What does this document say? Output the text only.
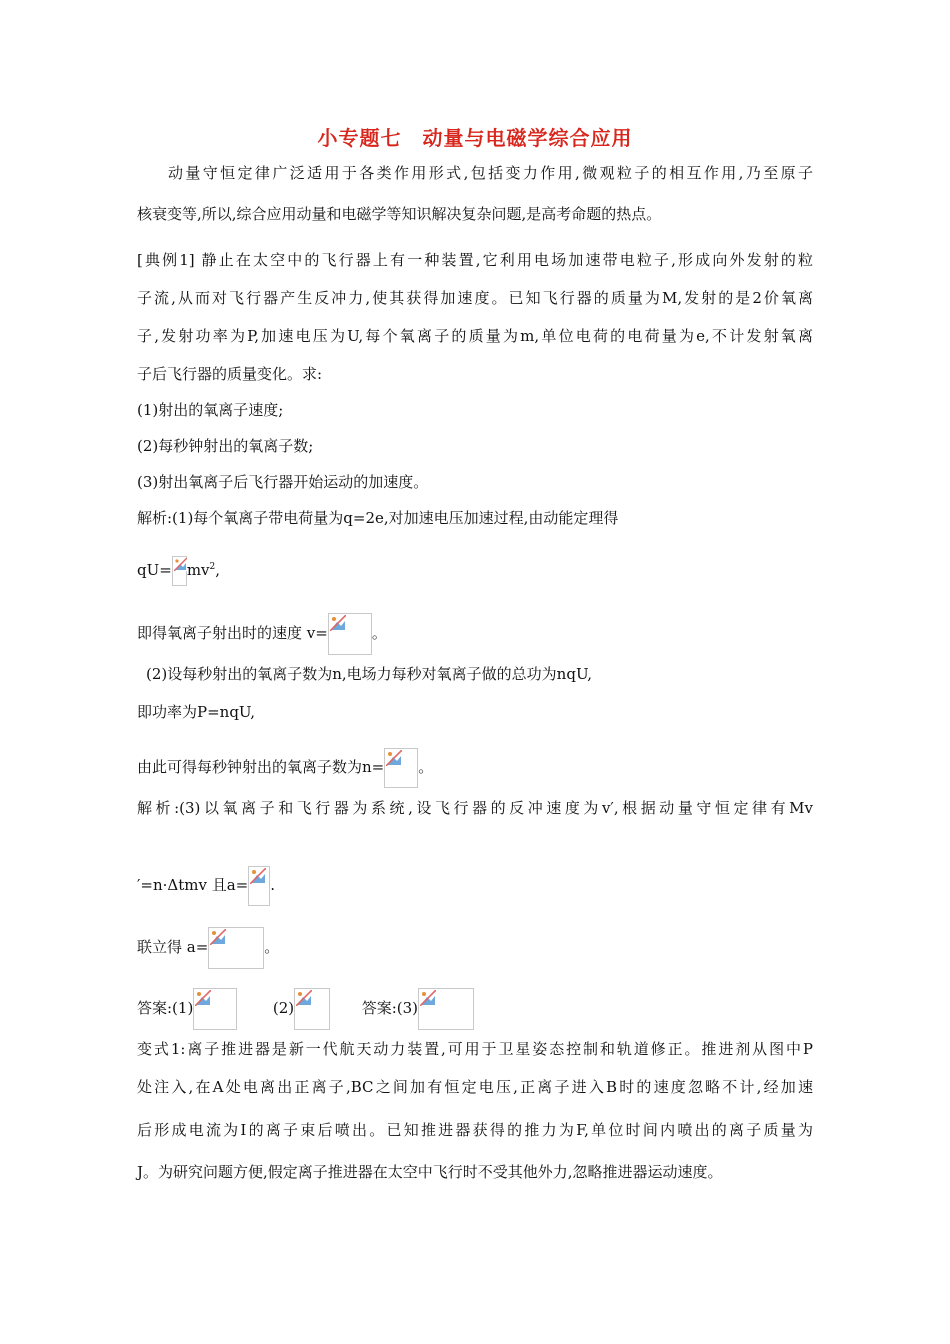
小专题七　动量与电磁学综合应用
动量守恒定律广泛适用于各类作用形式,包括变力作用,微观粒子的相互作用,乃至原子
核衰变等,所以,综合应用动量和电磁学等知识解决复杂问题,是高考命题的热点。
[典例1] 静止在太空中的飞行器上有一种装置,它利用电场加速带电粒子,形成向外发射的粒
子流,从而对飞行器产生反冲力,使其获得加速度。已知飞行器的质量为M,发射的是2价氧离
子,发射功率为P,加速电压为U,每个氧离子的质量为m,单位电荷的电荷量为e,不计发射氧离
子后飞行器的质量变化。求:
(1)射出的氧离子速度;
(2)每秒钟射出的氧离子数;
(3)射出氧离子后飞行器开始运动的加速度。
解析:(1)每个氧离子带电荷量为q=2e,对加速电压加速过程,由动能定理得
$qU= mv^2$,
即得氧离子射出时的速度 v=	。
(2)设每秒射出的氧离子数为n,电场力每秒对氧离子做的总功为nqU,
即功率为P=nqU,
由此可得每秒钟射出的氧离子数为n= 。
解析:(3)以氧离子和飞行器为系统,设飞行器的反冲速度为v′,根据动量守恒定律有Mv
′=n·Δtmv 且a= .
联立得 a=	。
答案:(1)	(2)	答案:(3)
变式1:离子推进器是新一代航天动力装置,可用于卫星姿态控制和轨道修正。推进剂从图中P
处注入,在A处电离出正离子,BC之间加有恒定电压,正离子进入B时的速度忽略不计,经加速
后形成电流为I的离子束后喷出。已知推进器获得的推力为F,单位时间内喷出的离子质量为
J。为研究问题方便,假定离子推进器在太空中飞行时不受其他外力,忽略推进器运动速度。
